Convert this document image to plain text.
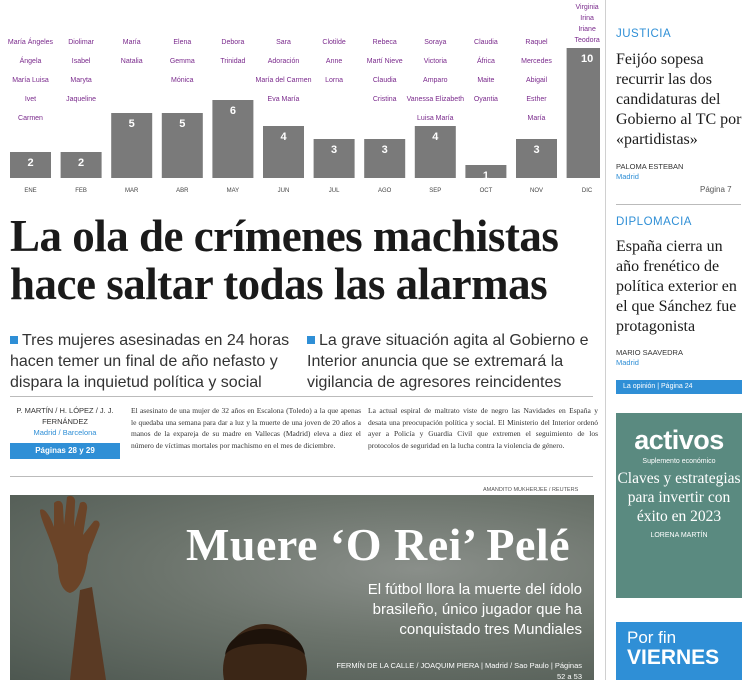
2
ENE
María Ángeles
Ángela
María Luisa
Ivet
Carmen
2
FEB
Diolimar
Isabel
Maryta
Jaqueline
5
MAR
María
Natalia
5
ABR
Elena
Gemma
Mónica
6
MAY
Debora
Trinidad
4
JUN
Sara
Adoración
María del Carmen
Eva María
3
JUL
Clotilde
Anne
Lorna
3
AGO
Rebeca
Martí Nieve
Claudia
Cristina
4
SEP
Soraya
Victoria
Amparo
Vanessa Elizabeth
Luisa María
1
OCT
Claudia
África
Maite
Oyantia
3
NOV
Raquel
Mercedes
Abigail
Esther
María
10
DIC
Virginia
Irina
Iriane
Teodora
La ola de crímenes machistas hace saltar todas las alarmas
Tres mujeres asesinadas en 24 horas hacen temer un final de año nefasto y dispara la inquietud política y social
La grave situación agita al Gobierno e Interior anuncia que se extremará la vigilancia de agresores reincidentes
P. MARTÍN / H. LÓPEZ / J. J. FERNÁNDEZ
Madrid / Barcelona
Páginas 28 y 29
El asesinato de una mujer de 32 años en Escalona (Toledo) a la que apenas le quedaba una semana para dar a luz y la muerte de una joven de 20 años a manos de la expareja de su madre en Vallecas (Madrid) eleva a diez el número de víctimas mortales por machismo en el mes de diciembre.
La actual espiral de maltrato viste de negro las Navidades en España y desata una preocupación política y social. El Ministerio del Interior ordenó ayer a Policía y Guardia Civil que extremen el seguimiento de los protocolos de seguridad en la lucha contra la violencia de género.
AMANDITO MUKHERJEE / REUTERS
Muere ‘O Rei’ Pelé
El fútbol llora la muerte del ídolo brasileño, único jugador que ha conquistado tres Mundiales
FERMÍN DE LA CALLE / JOAQUIM PIERA | Madrid / Sao Paulo | Páginas 52 a 53
JUSTICIA
Feijóo sopesa recurrir las dos candidaturas del Gobierno al TC por «partidistas»
PALOMA ESTEBAN
Madrid
Página 7
DIPLOMACIA
España cierra un año frenético de política exterior en el que Sánchez fue protagonista
MARIO SAAVEDRA
Madrid
La opinión | Página 24
activos
Suplemento económico
Claves y estrategias para invertir con éxito en 2023
LORENA MARTÍN
Por fin
VIERNES
